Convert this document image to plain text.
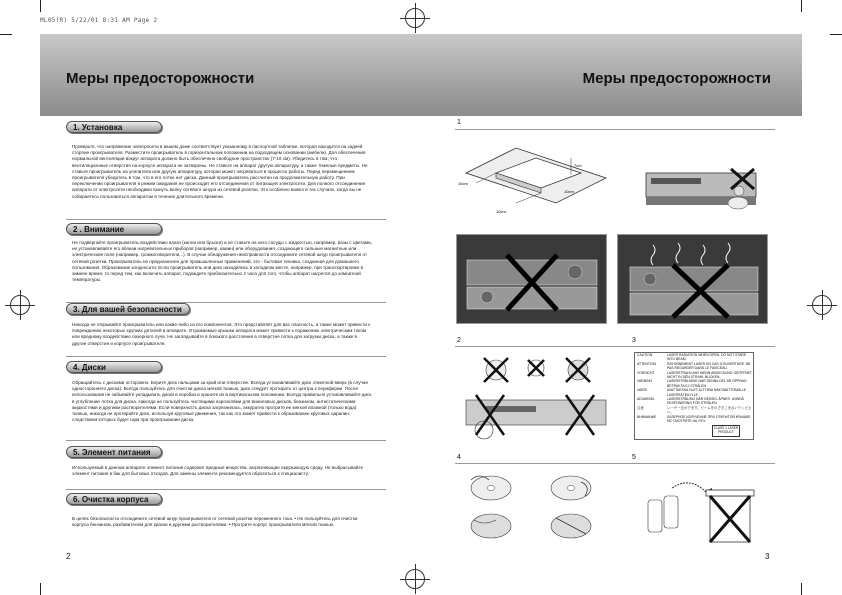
ML05(R) 5/22/01 8:31 AM Page 2
Меры предосторожности	Меры предосторожности
1. Установка
Проверьте, что напряжение электросети в вашем доме соответствует указанному в паспортной табличке, которая находится на задней стороне проигрывателя. Разместите проигрыватель в горизонтальном положении на подходящем основании (мебели). Для обеспечения нормальной вентиляции вокруг аппарата должно быть обеспечено свободное пространство (7-10 см). Убедитесь в том, что вентиляционные отверстия на корпусе аппарата не затворены. Не ставьте на аппарат другую аппаратуру, а также тяжелые предметы. Не ставьте проигрыватель на усилители или другую аппаратуру, которая может нагреваться в процессе работы. Перед перемещением проигрывателя убедитесь в том, что в его лотке нет диска. Данный проигрыватель рассчитан на продолжительную работу. При переключении проигрывателя в режим ожидания не происходит его отсоединения от питающей электросети. Для полного отсоединения аппарата от электросети необходимо вынуть вилку сетевого шнура из сетевой розетки. Это особенно важно в тех случаях, когда вы не собираетесь пользоваться аппаратом в течение длительного времени.
2 . Внимание
Не подвергайте проигрыватель воздействию влаги (капли или брызги) и не ставьте на него сосуды с жидкостью, например, вазы с цветами, не устанавливайте его вблизи нагревательных приборов (например, камин) или оборудования, создающего сильные магнитные или электрические поля (например, громкоговорители...). В случае обнаружения неисправности отсоедините сетевой шнур проигрывателя от сетевой розетки. Проигрыватель не предназначен для промышленных применений, это - бытовая техника, созданная для домашнего пользования. Образование конденсата: Если проигрыватель или диск находились в холодном месте, например, при транспортировке в зимнее время, то перед тем, как включить аппарат, подождите приблизительно 2 часа для того, чтобы аппарат нагрелся до комнатной температуры.
3. Для вашей безопасности
Никогда не открывайте проигрыватель или какие-либо из его компонентов. Это представляет для вас опасность, а также может привести к повреждению некоторых хрупких деталей в аппарате. Отражаемые крышки аппарата может привести к поражению электрическим током или вредному воздействию лазерного луча. Не заглядывайте в близкого расстояния в отверстие лотка для загрузки диска, а также в другие отверстия и корпусе проигрывателя.
4. Диски
Обращайтесь с дисками осторожно. Берите диск пальцами за край или отверстие. Всегда устанавливайте диск этикеткой вверх (в случае одностороннего диска). Всегда пользуйтесь для очистки диска мягкой тканью, диск следует протирать от центра к периферии. После использования не забывайте укладывать диски в коробки и храните их в вертикальном положении. Всегда правильно устанавливайте диск в углубление лотка для диска. Никогда не пользуйтесь чистящими аэрозолями для виниловых дисков, бензином, антистатическими жидкостями и другими растворителями. Если поверхность диска загрязнилась, аккуратно протрите ее мягкой влажной (только вода) тканью, никогда не протирайте диск, используя круговые движения, так как это может привести к образованию круговых царапин; следствием которых будет шум при проигрывании диска.
5. Элемент питания
Используемый в данном аппарате элемент питания содержит вредные вещества, загрязняющие окружающую среду. Не выбрасывайте элемент питания в бак для бытовых отходов. Для замены элемента рекомендуется обратиться к специалисту.
6. Очистка корпуса
В целях безопасности отсоедините сетевой шнур проигрывателя от сетевой розетки переменного тока. • Не пользуйтесь для очистки корпуса бензином, разбавителем для краски и другими растворителями. • Протрите корпус проигрывателя мягкой тканью.
2
1
10cm
10cm
10cm
7cm
2	3
CAUTION	LASER RADIATION WHEN OPEN. DO NOT STARE INTO BEAM.
ATTENTION	RAYONNEMENT LASER EN CAS D'OUVERTURE. NE PAS REGARDER DANS LE FAISCEAU.
VORSICHT	LASERSTRAHLUNG WENN ABDECKUNG GEÖFFNET. NICHT IN DEN STRAHL BLICKEN.
VARNING	LASERSTRÅLNING NÄR DENNA DEL ÄR ÖPPNAD. BETRAKTA EJ STRÅLEN.
VARO!	AVATTAESSA OLET ALTTIINA NÄKYMÄTTÖMÄLLE LASERSÄTEILYLLE.
ADVARSEL	LASERSTRÅLING NÅR DEKSEL ÅPNES. UNNGÅ EKSPONERING FOR STRÅLEN.
注意	レーザー光がでます。ビームをのぞきこまないでください。
ВНИМАНИЕ	ЛАЗЕРНОЕ ИЗЛУЧЕНИЕ ПРИ ОТКРЫТОЙ КРЫШКЕ. НЕ СМОТРИТЕ НА ЛУЧ.
CLASS 1 LASER PRODUCT
4	5
3
